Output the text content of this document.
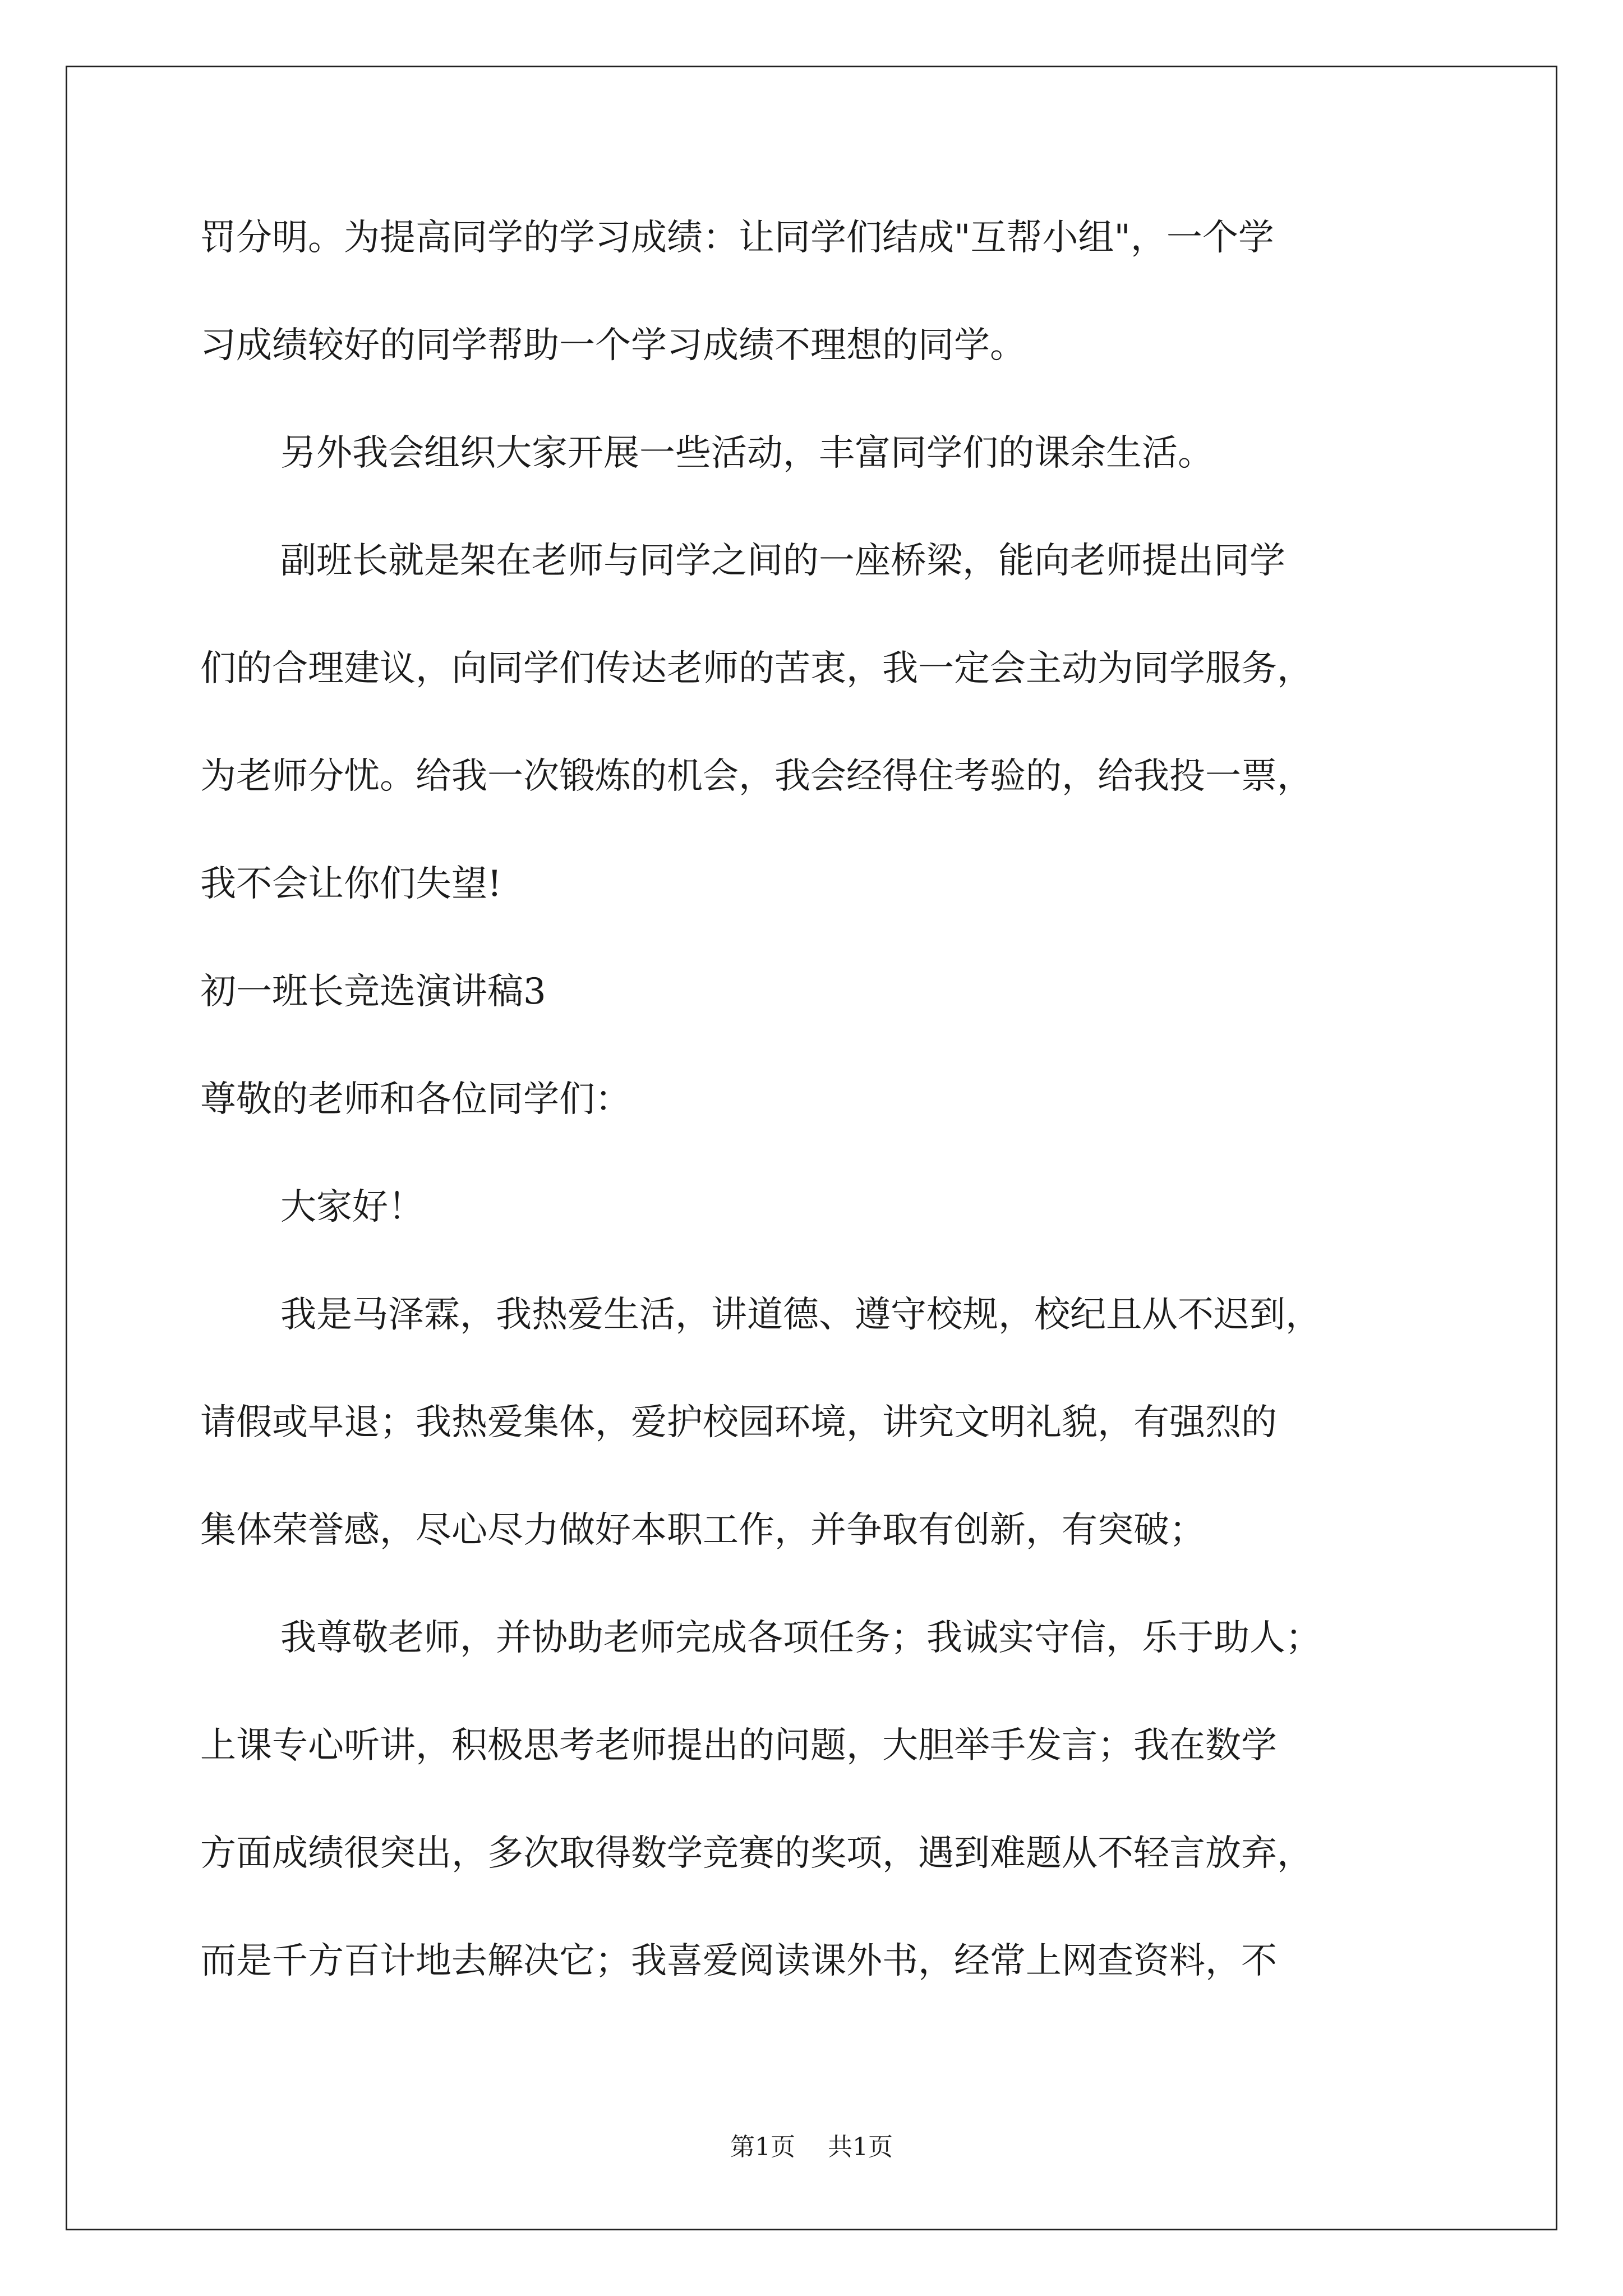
罚分明。为提高同学的学习成绩：让同学们结成"互帮小组"，一个学

习成绩较好的同学帮助一个学习成绩不理想的同学。

另外我会组织大家开展一些活动，丰富同学们的课余生活。

副班长就是架在老师与同学之间的一座桥梁，能向老师提出同学

们的合理建议，向同学们传达老师的苦衷，我一定会主动为同学服务，

为老师分忧。给我一次锻炼的机会，我会经得住考验的，给我投一票，

我不会让你们失望!

初一班长竞选演讲稿3

尊敬的老师和各位同学们：

大家好！

我是马泽霖，我热爱生活，讲道德、遵守校规，校纪且从不迟到，

请假或早退；我热爱集体，爱护校园环境，讲究文明礼貌，有强烈的

集体荣誉感，尽心尽力做好本职工作，并争取有创新，有突破；

我尊敬老师，并协助老师完成各项任务；我诚实守信，乐于助人；

上课专心听讲，积极思考老师提出的问题，大胆举手发言；我在数学

方面成绩很突出，多次取得数学竞赛的奖项，遇到难题从不轻言放弃，

而是千方百计地去解决它；我喜爱阅读课外书，经常上网查资料，不

第1页 共1页
